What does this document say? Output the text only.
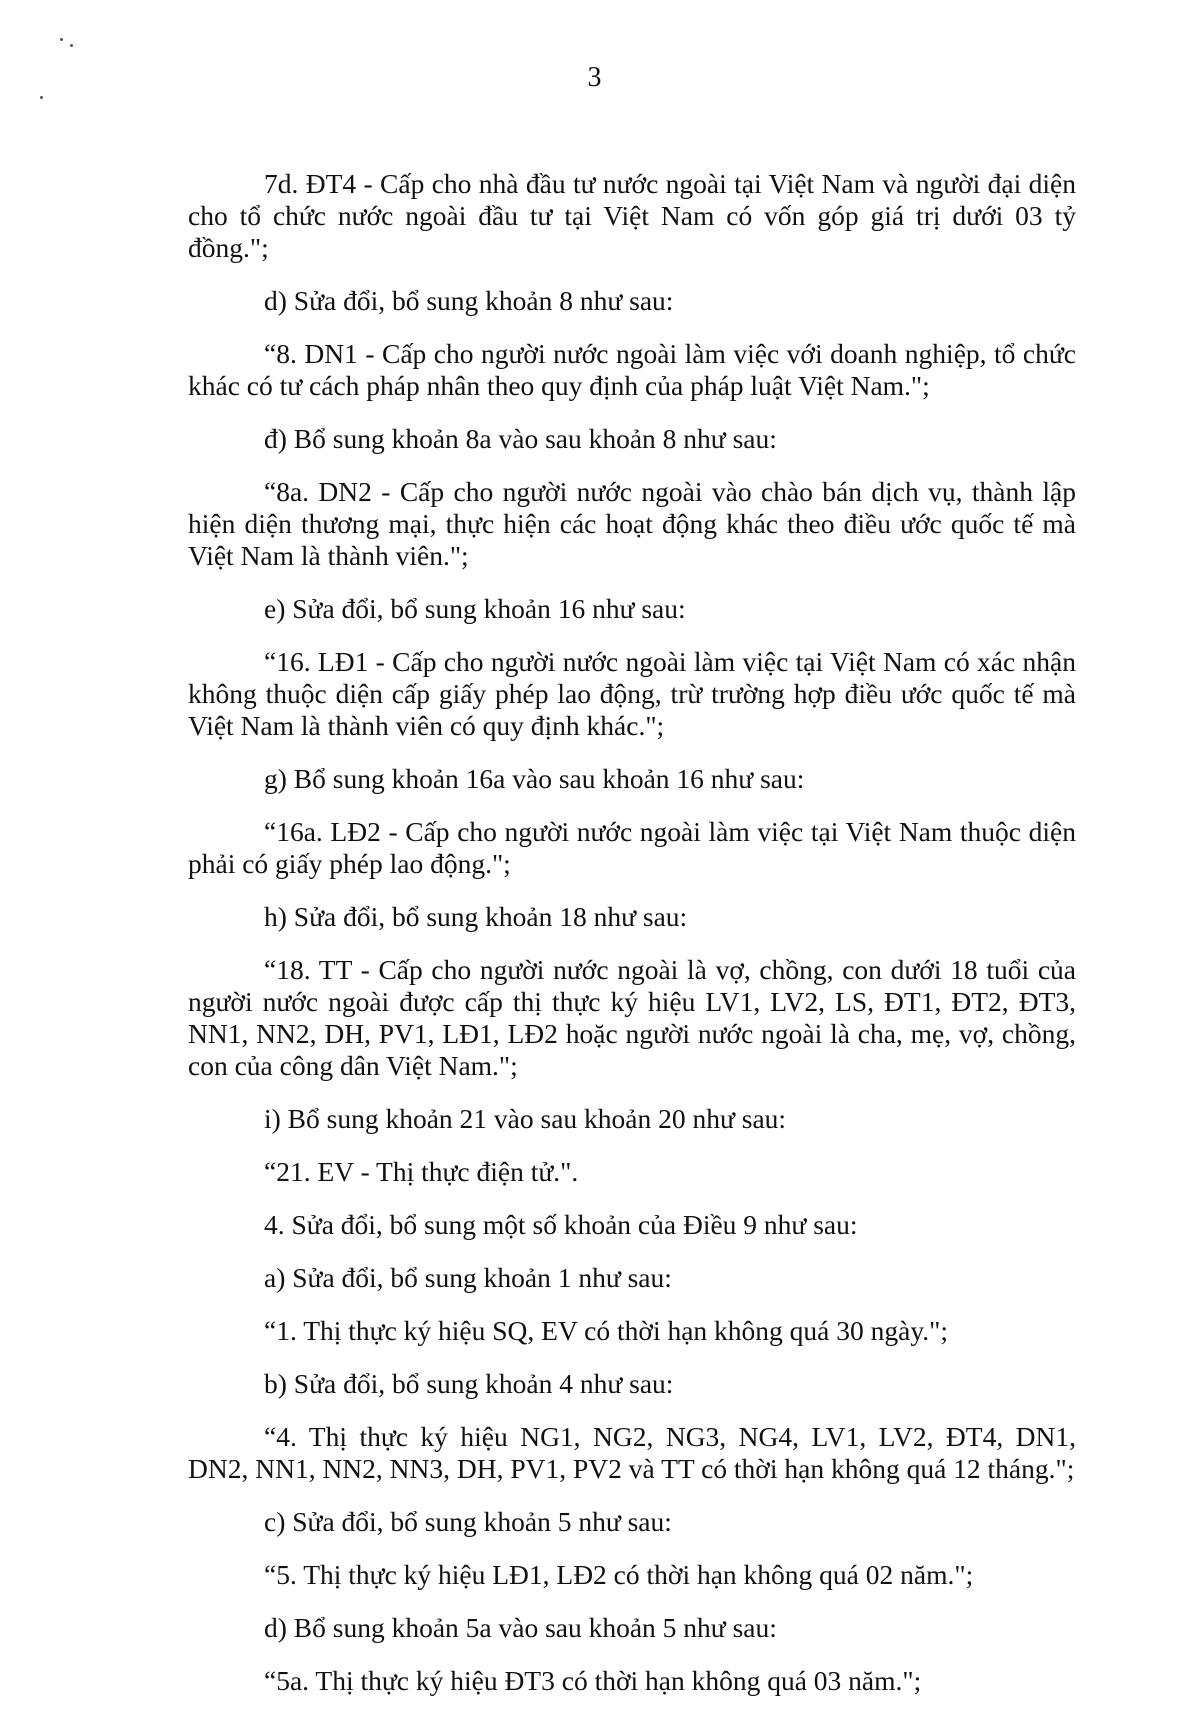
3

7d. ĐT4 - Cấp cho nhà đầu tư nước ngoài tại Việt Nam và người đại diện cho tổ chức nước ngoài đầu tư tại Việt Nam có vốn góp giá trị dưới 03 tỷ đồng.";

d) Sửa đổi, bổ sung khoản 8 như sau:

“8. DN1 - Cấp cho người nước ngoài làm việc với doanh nghiệp, tổ chức khác có tư cách pháp nhân theo quy định của pháp luật Việt Nam.";

đ) Bổ sung khoản 8a vào sau khoản 8 như sau:

“8a. DN2 - Cấp cho người nước ngoài vào chào bán dịch vụ, thành lập hiện diện thương mại, thực hiện các hoạt động khác theo điều ước quốc tế mà Việt Nam là thành viên.";

e) Sửa đổi, bổ sung khoản 16 như sau:

“16. LĐ1 - Cấp cho người nước ngoài làm việc tại Việt Nam có xác nhận không thuộc diện cấp giấy phép lao động, trừ trường hợp điều ước quốc tế mà Việt Nam là thành viên có quy định khác.";

g) Bổ sung khoản 16a vào sau khoản 16 như sau:

“16a. LĐ2 - Cấp cho người nước ngoài làm việc tại Việt Nam thuộc diện phải có giấy phép lao động.";

h) Sửa đổi, bổ sung khoản 18 như sau:

“18. TT - Cấp cho người nước ngoài là vợ, chồng, con dưới 18 tuổi của người nước ngoài được cấp thị thực ký hiệu LV1, LV2, LS, ĐT1, ĐT2, ĐT3, NN1, NN2, DH, PV1, LĐ1, LĐ2 hoặc người nước ngoài là cha, mẹ, vợ, chồng, con của công dân Việt Nam.";

i) Bổ sung khoản 21 vào sau khoản 20 như sau:

“21. EV - Thị thực điện tử.".

4. Sửa đổi, bổ sung một số khoản của Điều 9 như sau:

a) Sửa đổi, bổ sung khoản 1 như sau:

“1. Thị thực ký hiệu SQ, EV có thời hạn không quá 30 ngày.";

b) Sửa đổi, bổ sung khoản 4 như sau:

“4. Thị thực ký hiệu NG1, NG2, NG3, NG4, LV1, LV2, ĐT4, DN1, DN2, NN1, NN2, NN3, DH, PV1, PV2 và TT có thời hạn không quá 12 tháng.";

c) Sửa đổi, bổ sung khoản 5 như sau:

“5. Thị thực ký hiệu LĐ1, LĐ2 có thời hạn không quá 02 năm.";

d) Bổ sung khoản 5a vào sau khoản 5 như sau:

“5a. Thị thực ký hiệu ĐT3 có thời hạn không quá 03 năm.";
